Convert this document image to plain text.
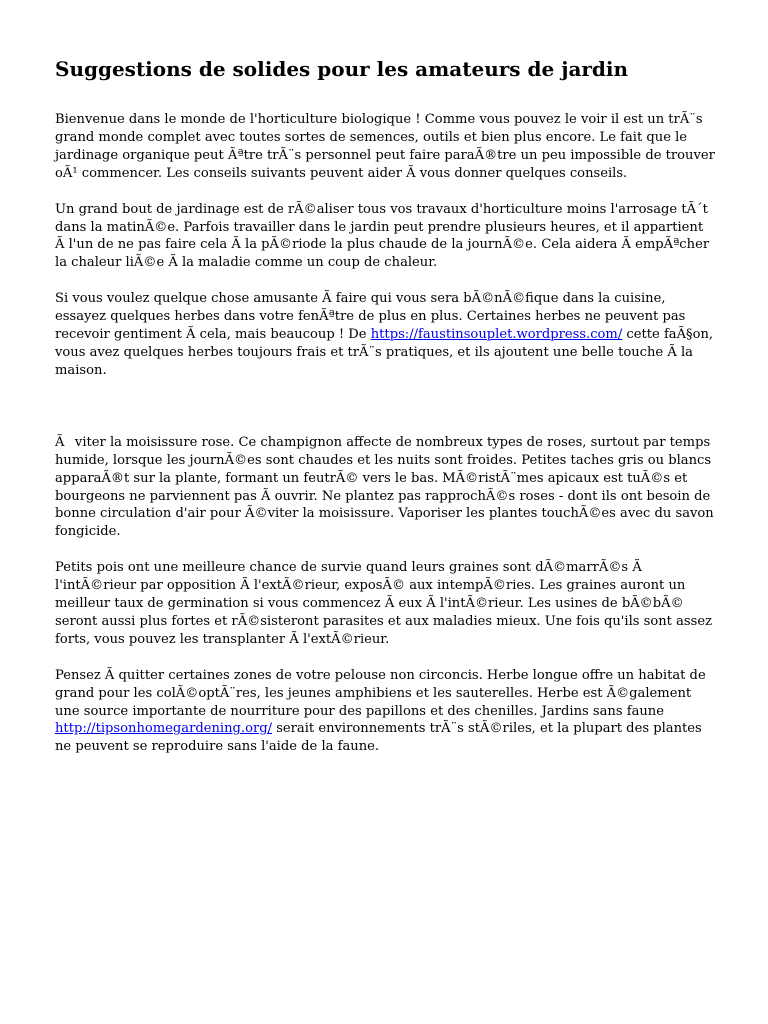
Suggestions de solides pour les amateurs de jardin

Bienvenue dans le monde de l'horticulture biologique ! Comme vous pouvez le voir il est un trÃ¨s grand monde complet avec toutes sortes de semences, outils et bien plus encore. Le fait que le jardinage organique peut Ãªtre trÃ¨s personnel peut faire paraÃ®tre un peu impossible de trouver oÃ¹ commencer. Les conseils suivants peuvent aider Ã vous donner quelques conseils.

Un grand bout de jardinage est de rÃ©aliser tous vos travaux d'horticulture moins l'arrosage tÃ´t dans la matinÃ©e. Parfois travailler dans le jardin peut prendre plusieurs heures, et il appartient Ã l'un de ne pas faire cela Ã la pÃ©riode la plus chaude de la journÃ©e. Cela aidera Ã empÃªcher la chaleur liÃ©e Ã la maladie comme un coup de chaleur.

Si vous voulez quelque chose amusante Ã faire qui vous sera bÃ©nÃ©fique dans la cuisine, essayez quelques herbes dans votre fenÃªtre de plus en plus. Certaines herbes ne peuvent pas recevoir gentiment Ã cela, mais beaucoup ! De https://faustinsouplet.wordpress.com/ cette faÃ§on, vous avez quelques herbes toujours frais et trÃ¨s pratiques, et ils ajoutent une belle touche Ã la maison.

Ãviter la moisissure rose. Ce champignon affecte de nombreux types de roses, surtout par temps humide, lorsque les journÃ©es sont chaudes et les nuits sont froides. Petites taches gris ou blancs apparaÃ®t sur la plante, formant un feutrÃ© vers le bas. MÃ©ristÃ¨mes apicaux est tuÃ©s et bourgeons ne parviennent pas Ã ouvrir. Ne plantez pas rapprochÃ©s roses - dont ils ont besoin de bonne circulation d'air pour Ã©viter la moisissure. Vaporiser les plantes touchÃ©es avec du savon fongicide.

Petits pois ont une meilleure chance de survie quand leurs graines sont dÃ©marrÃ©s Ã l'intÃ©rieur par opposition Ã l'extÃ©rieur, exposÃ© aux intempÃ©ries. Les graines auront un meilleur taux de germination si vous commencez Ã eux Ã l'intÃ©rieur. Les usines de bÃ©bÃ© seront aussi plus fortes et rÃ©sisteront parasites et aux maladies mieux. Une fois qu'ils sont assez forts, vous pouvez les transplanter Ã l'extÃ©rieur.

Pensez Ã quitter certaines zones de votre pelouse non circoncis. Herbe longue offre un habitat de grand pour les colÃ©optÃ¨res, les jeunes amphibiens et les sauterelles. Herbe est Ã©galement une source importante de nourriture pour des papillons et des chenilles. Jardins sans faune http://tipsonhomegardening.org/ serait environnements trÃ¨s stÃ©riles, et la plupart des plantes ne peuvent se reproduire sans l'aide de la faune.
